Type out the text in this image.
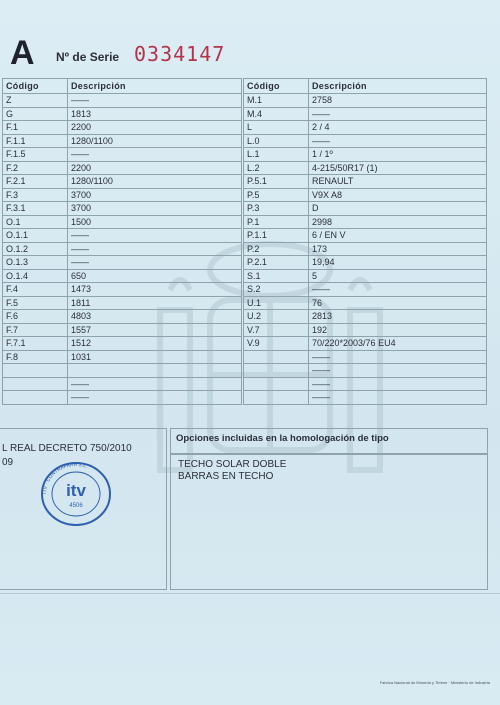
A Nº de Serie 0334147
Código	Descripción
Z	——
G	1813
F.1	2200
F.1.1	1280/1100
F.1.5	——
F.2	2200
F.2.1	1280/1100
F.3	3700
F.3.1	3700
O.1	1500
O.1.1	——
O.1.2	——
O.1.3	——
O.1.4	650
F.4	1473
F.5	1811
F.6	4803
F.7	1557
F.7.1	1512
F.8	1031

	——
	——
Código	Descripción
M.1	2758
M.4	——
L	2 / 4
L.0	——
L.1	1 / 1º
L.2	4-215/50R17 (1)
P.5.1	RENAULT
P.5	V9X A8
P.3	D
P.1	2998
P.1.1	6 / EN V
P.2	173
P.2.1	19,94
S.1	5
S.2	——
U.1	76
U.2	2813
V.7	192
V.9	70/220*2003/76 EU4
	——
	——
	——
	——
L REAL DECRETO 750/2010
09
ITV · CONTRAPARA S.L.
itv
4506
Opciones incluidas en la homologación de tipo
TECHO SOLAR DOBLE
BARRAS EN TECHO
Fabrica Nacional de Moneda y Timbre · Ministerio de Industria
